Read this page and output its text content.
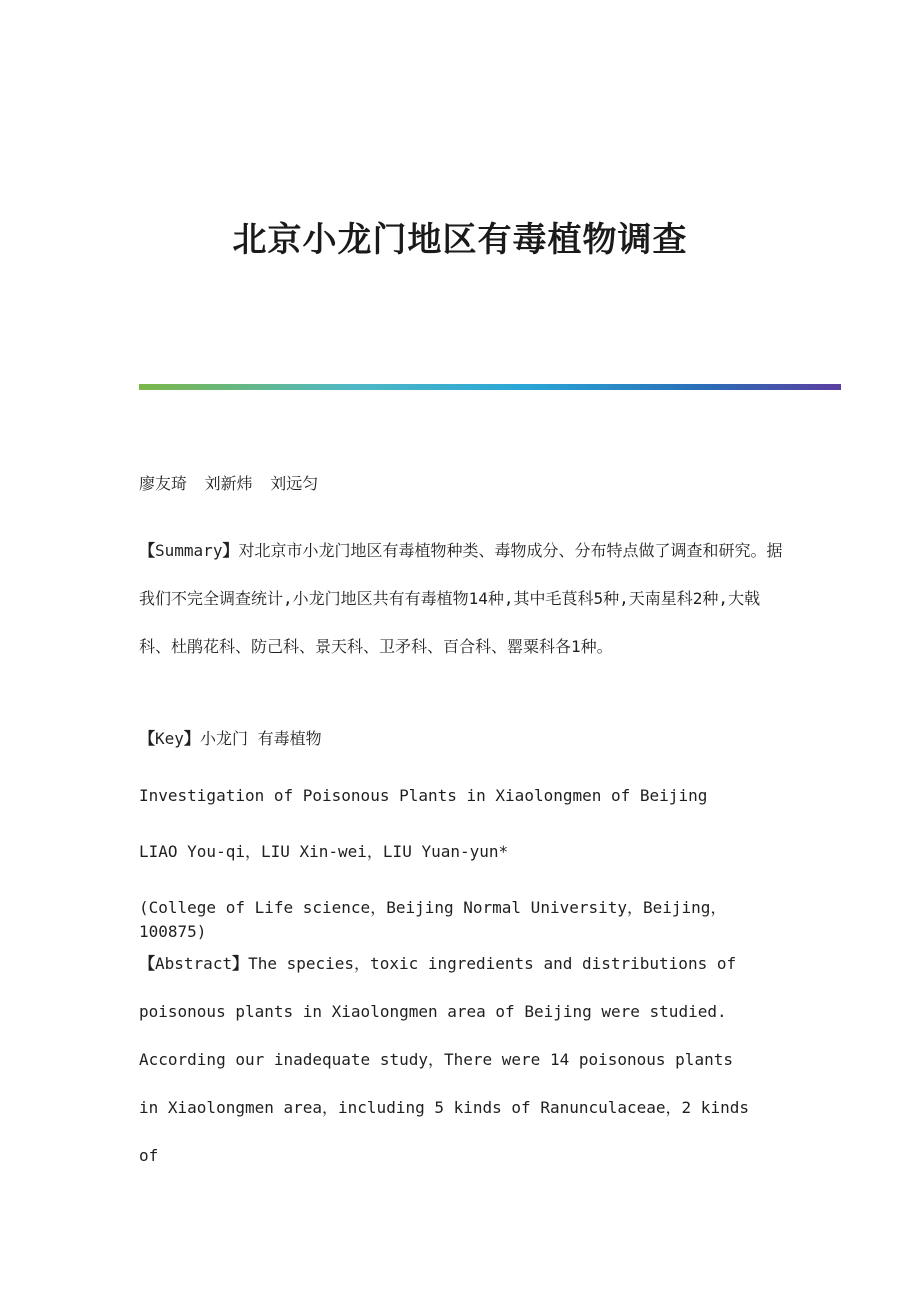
北京小龙门地区有毒植物调查
廖友琦 刘新炜 刘远匀
【Summary】对北京市小龙门地区有毒植物种类、毒物成分、分布特点做了调查和研究。据我们不完全调查统计,小龙门地区共有有毒植物14种,其中毛茛科5种,天南星科2种,大戟科、杜鹃花科、防己科、景天科、卫矛科、百合科、罂粟科各1种。
【Key】小龙门 有毒植物
Investigation of Poisonous Plants in Xiaolongmen of Beijing
LIAO You-qi，LIU Xin-wei，LIU Yuan-yun*
(College of Life science，Beijing Normal University，Beijing，100875)
【Abstract】The species，toxic ingredients and distributions of poisonous plants in Xiaolongmen area of Beijing were studied. According our inadequate study，There were 14 poisonous plants in Xiaolongmen area，including 5 kinds of Ranunculaceae，2 kinds of
